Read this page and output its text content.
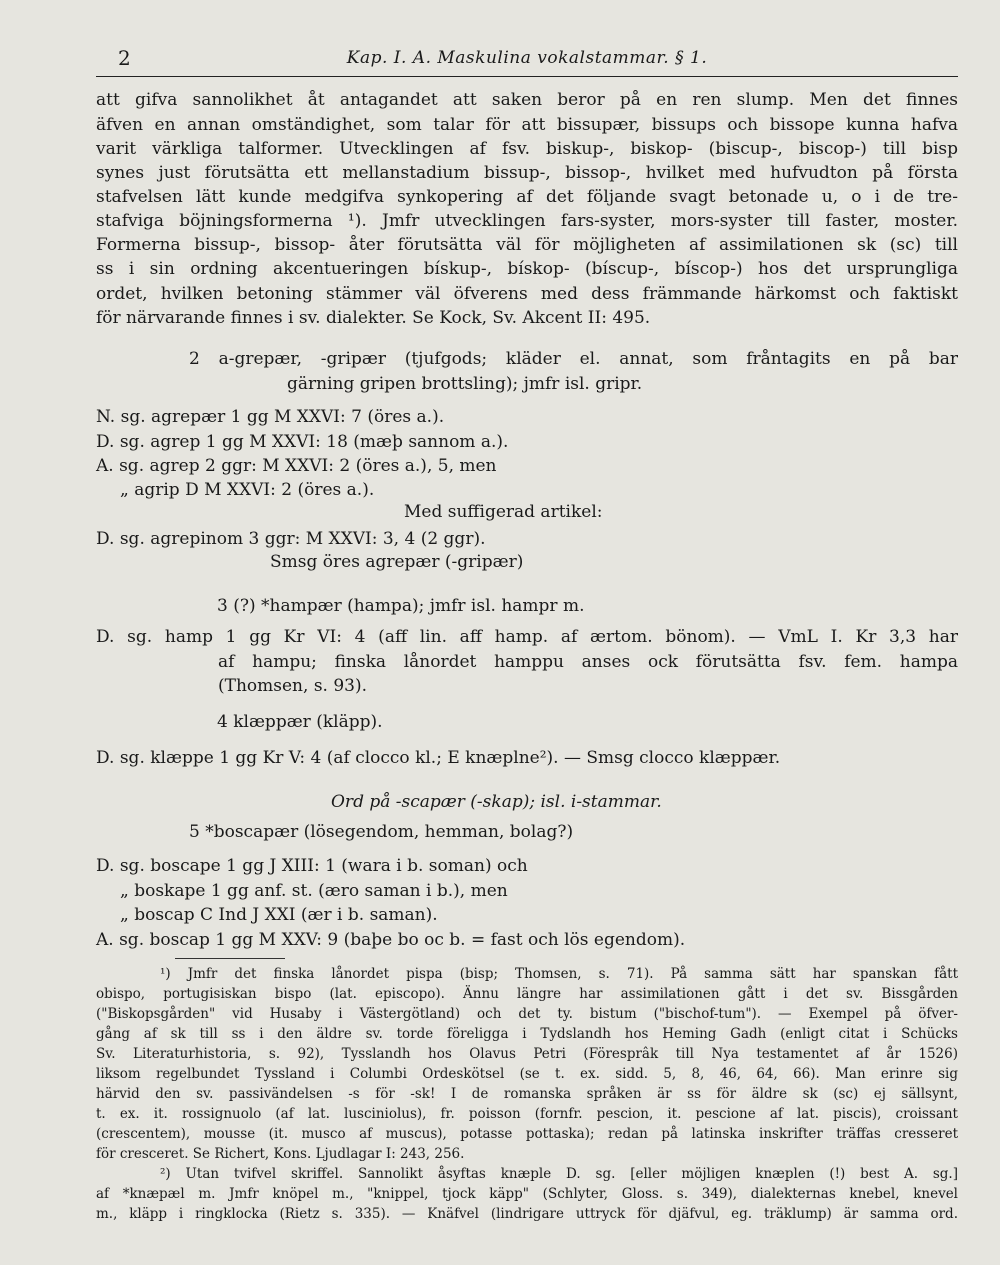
2	Kap. I. A. Maskulina vokalstammar. § 1.
att gifva sannolikhet åt antagandet att saken beror på en ren slump. Men det finnes
äfven en annan omständighet, som talar för att bissupær, bissups och bissope kunna hafva
varit värkliga talformer. Utvecklingen af fsv. biskup-, biskop- (biscup-, biscop-) till bisp
synes just förutsätta ett mellanstadium bissup-, bissop-, hvilket med hufvudton på första
stafvelsen lätt kunde medgifva synkopering af det följande svagt betonade u, o i de tre-
stafviga böjningsformerna ¹). Jmfr utvecklingen fars-syster, mors-syster till faster, moster.
Formerna bissup-, bissop- åter förutsätta väl för möjligheten af assimilationen sk (sc) till
ss i sin ordning akcentueringen bískup-, bískop- (bíscup-, bíscop-) hos det ursprungliga
ordet, hvilken betoning stämmer väl öfverens med dess främmande härkomst och faktiskt
för närvarande finnes i sv. dialekter. Se Kock, Sv. Akcent II: 495.
2 a-grepær, -gripær (tjufgods; kläder el. annat, som fråntagits en på bar
gärning gripen brottsling); jmfr isl. gripr.
N. sg. agrepær 1 gg M XXVI: 7 (öres a.).
D. sg. agrep 1 gg M XXVI: 18 (mæþ sannom a.).
A. sg. agrep 2 ggr: M XXVI: 2 (öres a.), 5, men
„ agrip D M XXVI: 2 (öres a.).
Med suffigerad artikel:
D. sg. agrepinom 3 ggr: M XXVI: 3, 4 (2 ggr).
Smsg öres agrepær (-gripær)
3 (?) *hampær (hampa); jmfr isl. hampr m.
D. sg. hamp 1 gg Kr VI: 4 (aff lin. aff hamp. af ærtom. bönom). — VmL I. Kr 3,3 har
af hampu; finska lånordet hamppu anses ock förutsätta fsv. fem. hampa
(Thomsen, s. 93).
4 klæppær (kläpp).
D. sg. klæppe 1 gg Kr V: 4 (af clocco kl.; E knæplne²). — Smsg clocco klæppær.
Ord på -scapær (-skap); isl. i-stammar.
5 *boscapær (lösegendom, hemman, bolag?)
D. sg. boscape 1 gg J XIII: 1 (wara i b. soman) och
„ boskape 1 gg anf. st. (æro saman i b.), men
„ boscap C Ind J XXI (ær i b. saman).
A. sg. boscap 1 gg M XXV: 9 (baþe bo oc b. = fast och lös egendom).
¹) Jmfr det finska lånordet pispa (bisp; Thomsen, s. 71). På samma sätt har spanskan fått
obispo, portugisiskan bispo (lat. episcopo). Ännu längre har assimilationen gått i det sv. Bissgården
("Biskopsgården" vid Husaby i Västergötland) och det ty. bistum ("bischof-tum"). — Exempel på öfver-
gång af sk till ss i den äldre sv. torde föreligga i Tydslandh hos Heming Gadh (enligt citat i Schücks
Sv. Literaturhistoria, s. 92), Tysslandh hos Olavus Petri (Föresprâk till Nya testamentet af år 1526)
liksom regelbundet Tyssland i Columbi Ordeskötsel (se t. ex. sidd. 5, 8, 46, 64, 66). Man erinre sig
härvid den sv. passivändelsen -s för -sk! I de romanska språken är ss för äldre sk (sc) ej sällsynt,
t. ex. it. rossignuolo (af lat. lusciniolus), fr. poisson (fornfr. pescion, it. pescione af lat. piscis), croissant
(crescentem), mousse (it. musco af muscus), potasse pottaska); redan på latinska inskrifter träffas cresseret
för cresceret. Se Richert, Kons. Ljudlagar I: 243, 256.
²) Utan tvifvel skriffel. Sannolikt åsyftas knæple D. sg. [eller möjligen knæplen (!) best A. sg.]
af *knæpæl m. Jmfr knöpel m., "knippel, tjock käpp" (Schlyter, Gloss. s. 349), dialekternas knebel, knevel
m., kläpp i ringklocka (Rietz s. 335). — Knäfvel (lindrigare uttryck för djäfvul, eg. träklump) är samma ord.
